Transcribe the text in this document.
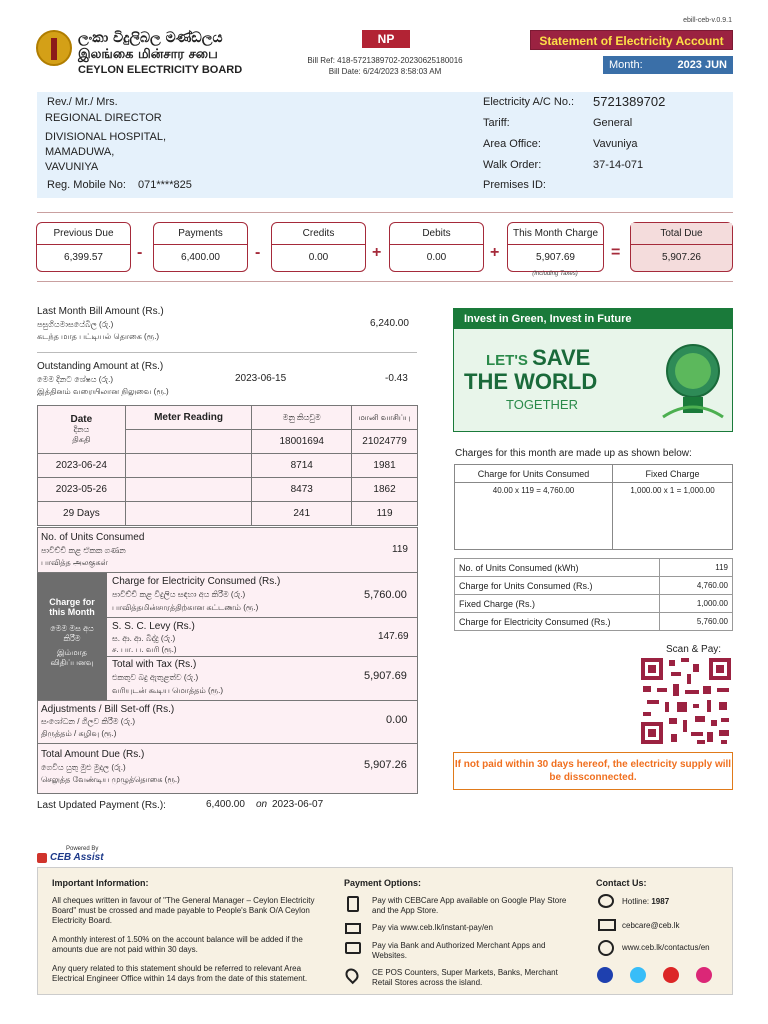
ebill-ceb-v.0.9.1
ලංකා විදුලිබල මණ්ඩලය
இலங்கை மின்சார சபை
CEYLON ELECTRICITY BOARD
NP
Bill Ref: 418-5721389702-20230625180016
Bill Date: 6/24/2023 8:58:03 AM
Statement of Electricity Account
Month:	2023 JUN
Rev./ Mr./ Mrs.
REGIONAL DIRECTOR
DIVISIONAL HOSPITAL,
MAMADUWA,
VAVUNIYA
Reg. Mobile No: 071****825
Electricity A/C No.: 5721389702
Tariff:	General
Area Office:	Vavuniya
Walk Order:	37-14-071
Premises ID:
Previous Due
6,399.57	-
Payments
6,400.00	-
Credits
0.00	+
Debits
0.00	+
This Month Charge
5,907.69
(Including Taxes)
=
Total Due
5,907.26
Last Month Bill Amount (Rs.)
පසුගියමාසයේබිල (රු.)
கடந்த மாத பட்டியல் தொகை (ரூ.)
6,240.00
Outstanding Amount at (Rs.)
මෙම දිනට ශේෂය (රු.)
இத்தினம் வரையிலான நிலுவை (ரூ.)
2023-06-15	-0.43
Date
දිනය
திகதி	Meter Reading	මනු කියවුම	மானி வாசிப்பு
		18001694	21024779
2023-06-24		8714	1981
2023-05-26		8473	1862
29 Days		241	119
No. of Units Consumed
පාවිච්චි කළ ඒකක ගණන
பாவித்த அலகுகள்
119
Charge for this Month
මෙම මස අය කිරීම
இம்மாத விதிப்பனவு
Charge for Electricity Consumed (Rs.)
පාවිච්චි කළ විදුලිය සඳහා අය කිරීම (රු.)
பாவித்தமின்சாரத்திற்கான கட்டணம் (ரூ.)
5,760.00
S. S. C. Levy (Rs.)
ස. ආ. ආ. බිද්දු (රු.)
ச. பா. ப. வரி (ரூ.)
147.69
Total with Tax (Rs.)
එකතුව බදු ඇතුළත්ව (රු.)
வரியுடன் கூடிய மொத்தம் (ரூ.)
5,907.69
Adjustments / Bill Set-off (Rs.)
සංශෝධන / ගිලව කිරීම (රු.)
திருத்தம் / கழிவு (ரூ.)
0.00
Total Amount Due (Rs.)
ගෙවිය යුතු මුළු මුදල (රු.)
செலுத்த வேண்டிய முழுத்தொகை (ரூ.)
5,907.26
Last Updated Payment (Rs.):	6,400.00 on 2023-06-07
Invest in Green, Invest in Future
LET'S SAVE
THE WORLD
TOGETHER
Charges for this month are made up as shown below:
Charge for Units Consumed	Fixed Charge
40.00 x 119 = 4,760.00	1,000.00 x 1 = 1,000.00
No. of Units Consumed (kWh)	119
Charge for Units Consumed (Rs.)	4,760.00
Fixed Charge (Rs.)	1,000.00
Charge for Electricity Consumed (Rs.)	5,760.00
Scan & Pay:
If not paid within 30 days hereof, the electricity supply will be dissconnected.
Powered By
CEB Assist
Important Information:
All cheques written in favour of "The General Manager – Ceylon Electricity Board" must be crossed and made payable to People's Bank O/A Ceylon Electricity Board.
A monthly interest of 1.50% on the account balance will be added if the amounts due are not paid within 30 days.
Any query related to this statement should be referred to relevant Area Electrical Engineer Office within 14 days from the date of this statement.
Payment Options:
Pay with CEBCare App available on Google Play Store and the App Store.
Pay via www.ceb.lk/instant-pay/en
Pay via Bank and Authorized Merchant Apps and Websites.
CE POS Counters, Super Markets, Banks, Merchant Retail Stores across the island.
Contact Us:
Hotline: 1987
cebcare@ceb.lk
www.ceb.lk/contactus/en
